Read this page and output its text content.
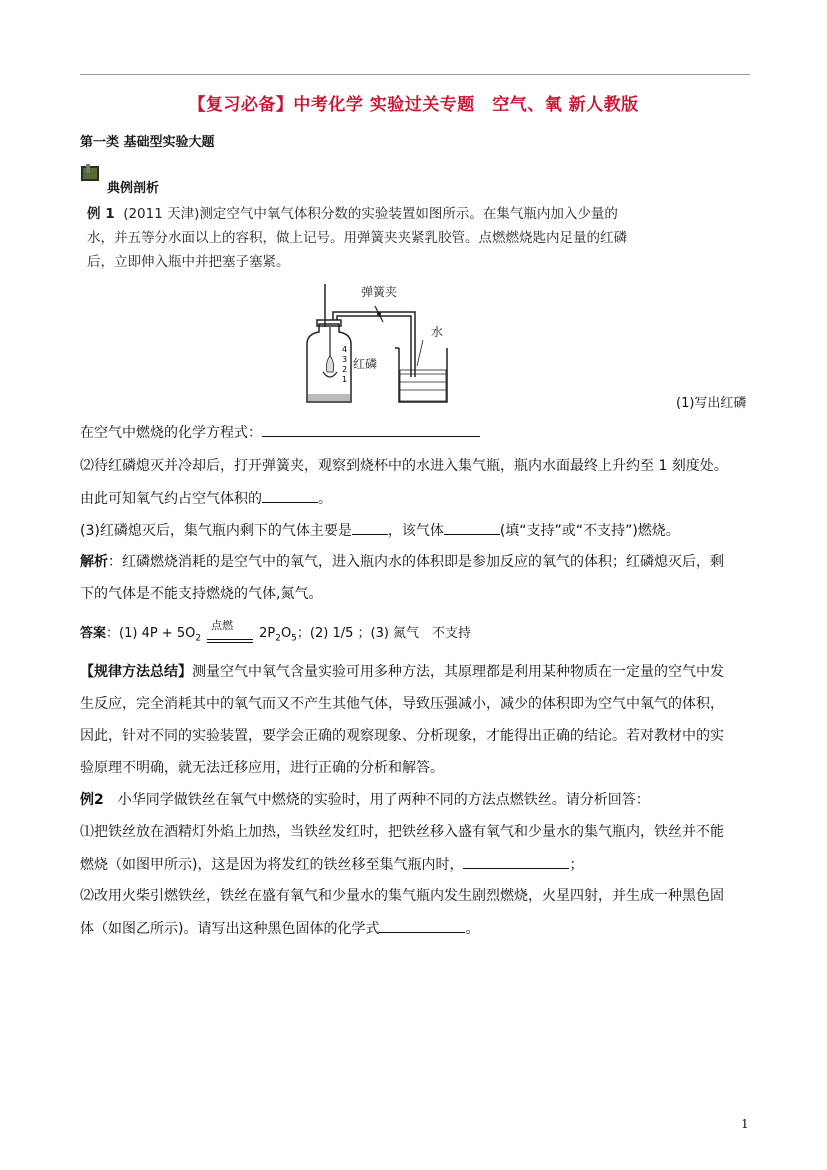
【复习必备】中考化学 实验过关专题　空气、氧 新人教版
第一类 基础型实验大题
典例剖析
例 1 (2011 天津)测定空气中氧气体积分数的实验装置如图所示。在集气瓶内加入少量的
水，并五等分水面以上的容积，做上记号。用弹簧夹夹紧乳胶管。点燃燃烧匙内足量的红磷
后，立即伸入瓶中并把塞子塞紧。
弹簧夹
水
红磷
4
3
2
1
(1)写出红磷
在空气中燃烧的化学方程式：
⑵待红磷熄灭并冷却后，打开弹簧夹，观察到烧杯中的水进入集气瓶，瓶内水面最终上升约至 1 刻度处。
由此可知氧气约占空气体积的	。
(3)红磷熄灭后，集气瓶内剩下的气体主要是	，该气体	(填“支持”或“不支持”)燃烧。
解析：红磷燃烧消耗的是空气中的氧气，进入瓶内水的体积即是参加反应的氧气的体积；红磷熄灭后，剩
下的气体是不能支持燃烧的气体,氮气。
答案：(1) $4P + 5O_2$
点燃
$2P_2O_5$；(2) 1/5 ；(3) 氮气　不支持
【规律方法总结】测量空气中氧气含量实验可用多种方法，其原理都是利用某种物质在一定量的空气中发
生反应，完全消耗其中的氧气而又不产生其他气体，导致压强减小，减少的体积即为空气中氧气的体积，
因此，针对不同的实验装置，要学会正确的观察现象、分析现象，才能得出正确的结论。若对教材中的实
验原理不明确，就无法迁移应用，进行正确的分析和解答。
例2　小华同学做铁丝在氧气中燃烧的实验时，用了两种不同的方法点燃铁丝。请分析回答：
⑴把铁丝放在酒精灯外焰上加热，当铁丝发红时，把铁丝移入盛有氧气和少量水的集气瓶内，铁丝并不能
燃烧（如图甲所示)，这是因为将发红的铁丝移至集气瓶内时，	；
⑵改用火柴引燃铁丝，铁丝在盛有氧气和少量水的集气瓶内发生剧烈燃烧，火星四射，并生成一种黑色固
体（如图乙所示)。请写出这种黑色固体的化学式	。
1
